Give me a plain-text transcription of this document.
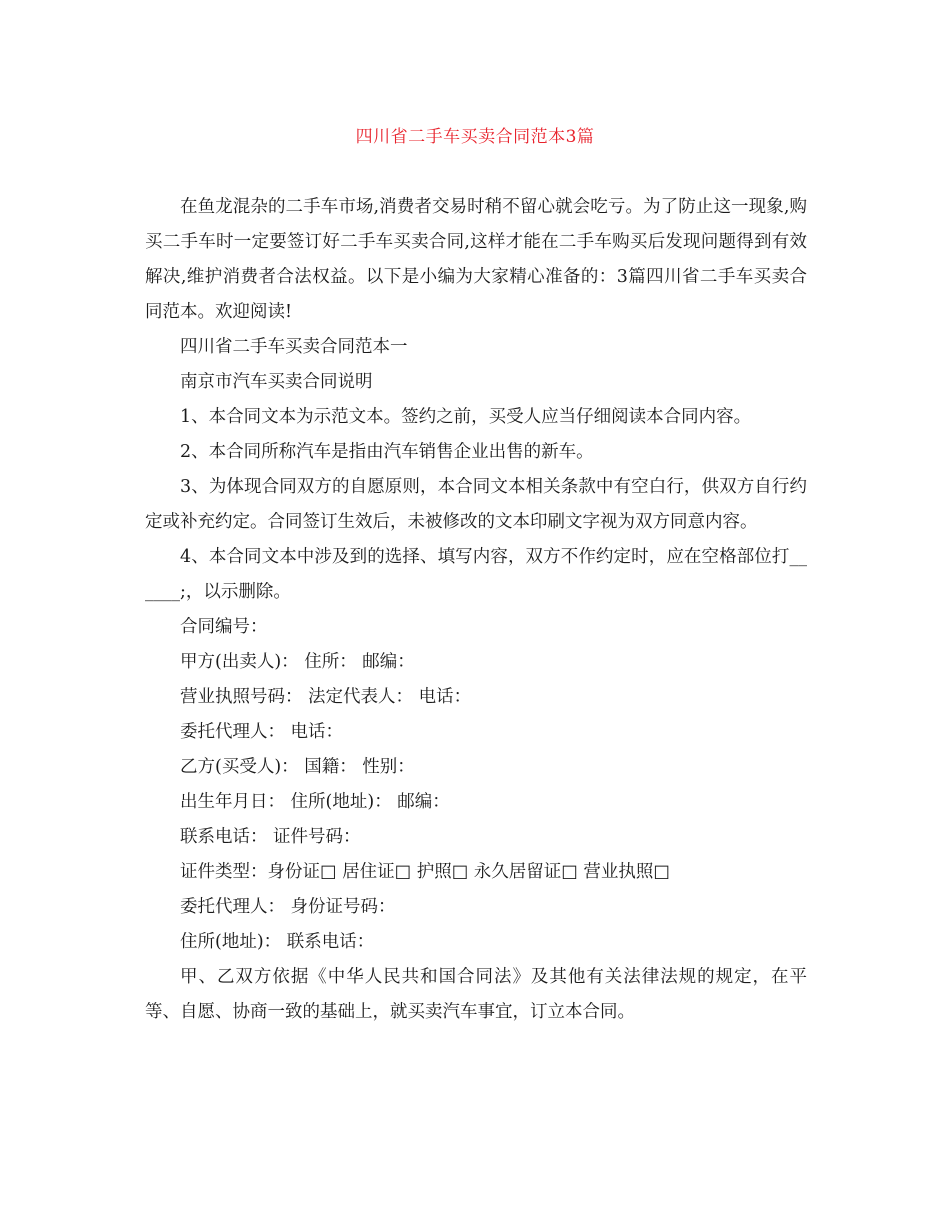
四川省二手车买卖合同范本3篇

在鱼龙混杂的二手车市场,消费者交易时稍不留心就会吃亏。为了防止这一现象,购买二手车时一定要签订好二手车买卖合同,这样才能在二手车购买后发现问题得到有效解决,维护消费者合法权益。以下是小编为大家精心准备的：3篇四川省二手车买卖合同范本。欢迎阅读!

四川省二手车买卖合同范本一

南京市汽车买卖合同说明

1、本合同文本为示范文本。签约之前，买受人应当仔细阅读本合同内容。

2、本合同所称汽车是指由汽车销售企业出售的新车。

3、为体现合同双方的自愿原则，本合同文本相关条款中有空白行，供双方自行约定或补充约定。合同签订生效后，未被修改的文本印刷文字视为双方同意内容。

4、本合同文本中涉及到的选择、填写内容，双方不作约定时，应在空格部位打______;，以示删除。

合同编号：

甲方(出卖人)： 住所： 邮编：

营业执照号码： 法定代表人： 电话：

委托代理人： 电话：

乙方(买受人)： 国籍： 性别：

出生年月日： 住所(地址)： 邮编：

联系电话： 证件号码：

证件类型：身份证□ 居住证□ 护照□ 永久居留证□ 营业执照□

委托代理人： 身份证号码：

住所(地址)： 联系电话：

甲、乙双方依据《中华人民共和国合同法》及其他有关法律法规的规定，在平等、自愿、协商一致的基础上，就买卖汽车事宜，订立本合同。
